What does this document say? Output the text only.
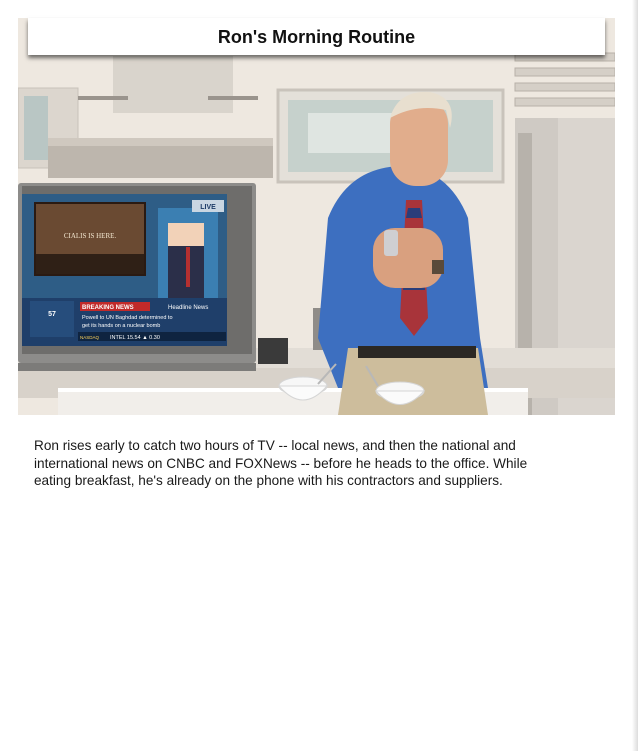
CIALIS IS HERE.
LIVE
BREAKING NEWS	Headline News
Powell to UN Baghdad determined to
get its hands on a nuclear bomb
57
INTEL 15.54 ▲ 0.30
NASDAQ
Ron's Morning Routine
Ron rises early to catch two hours of TV -- local news, and then the national and
international news on CNBC and FOXNews -- before he heads to the office. While
eating breakfast, he's already on the phone with his contractors and suppliers.
